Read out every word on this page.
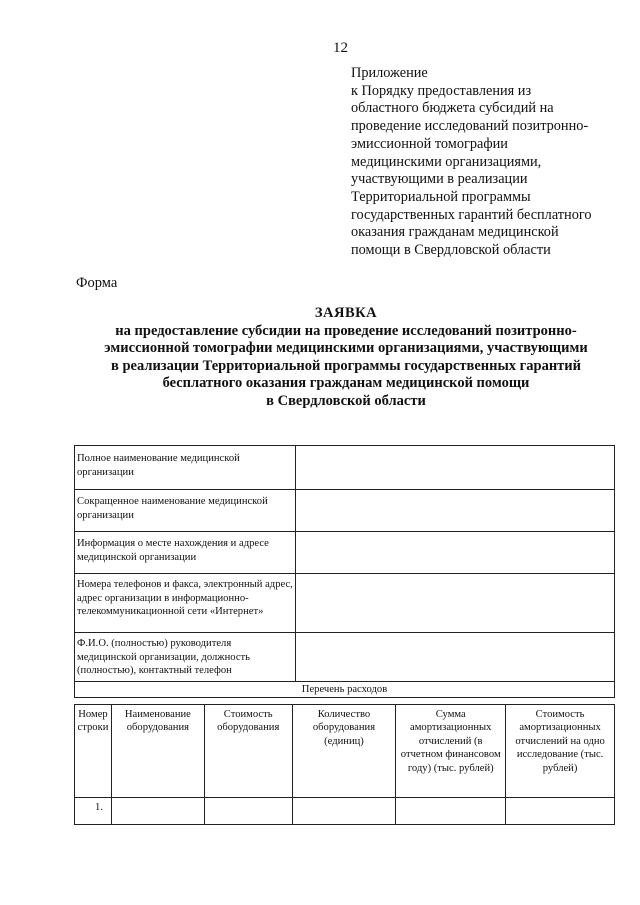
12
Приложение
к Порядку предоставления из
областного бюджета субсидий на
проведение исследований позитронно-
эмиссионной томографии
медицинскими организациями,
участвующими в реализации
Территориальной программы
государственных гарантий бесплатного
оказания гражданам медицинской
помощи в Свердловской области
Форма
ЗАЯВКА
на предоставление субсидии на проведение исследований позитронно-
эмиссионной томографии медицинскими организациями, участвующими
в реализации Территориальной программы государственных гарантий
бесплатного оказания гражданам медицинской помощи
в Свердловской области
Полное наименование медицинской организации	
Сокращенное наименование медицинской организации	
Информация о месте нахождения и адресе медицинской организации	
Номера телефонов и факса, электронный адрес, адрес организации в информационно-телекоммуникационной сети «Интернет»	
Ф.И.О. (полностью) руководителя медицинской организации, должность (полностью), контактный телефон	
Перечень расходов	
Номер строки	Наименование оборудования	Стоимость оборудования	Количество оборудования (единиц)	Сумма амортизационных отчислений (в отчетном финансовом году) (тыс. рублей)	Стоимость амортизационных отчислений на одно исследование (тыс. рублей)
1.					
